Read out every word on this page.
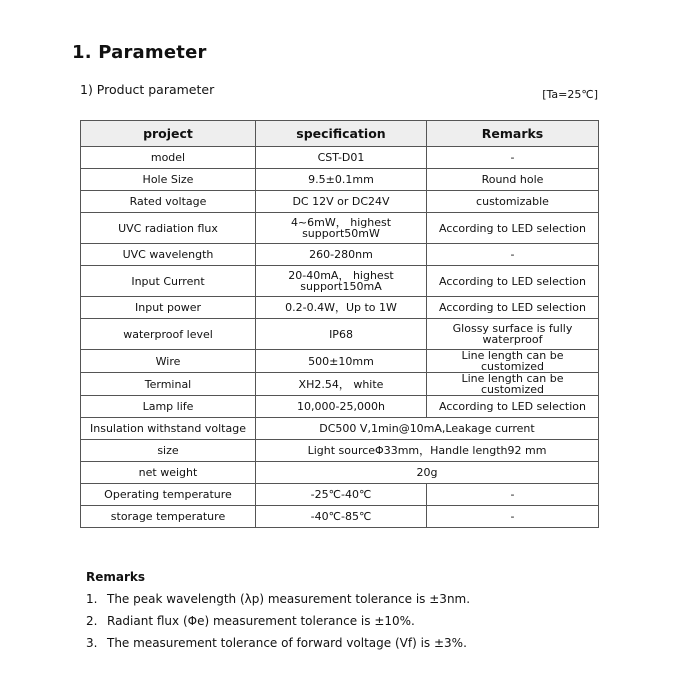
1. Parameter
1) Product parameter	[Ta=25℃]
project	specification	Remarks
model	CST-D01	-
Hole Size	9.5±0.1mm	Round hole
Rated voltage	DC 12V or DC24V	customizable
UVC radiation flux	4~6mW， highest support50mW	According to LED selection
UVC wavelength	260-280nm	-
Input Current	20-40mA， highest support150mA	According to LED selection
Input power	0.2-0.4W，Up to 1W	According to LED selection
waterproof level	IP68	Glossy surface is fully waterproof
Wire	500±10mm	Line length can be customized
Terminal	XH2.54， white	Line length can be customized
Lamp life	10,000-25,000h	According to LED selection
Insulation withstand voltage	DC500 V,1min@10mA,Leakage current	
size	Light sourceΦ33mm，Handle length92 mm	
net weight	20g	
Operating temperature	-25℃-40℃	-
storage temperature	-40℃-85℃	-
Remarks
1. The peak wavelength (λp) measurement tolerance is ±3nm.
2. Radiant flux (Φe) measurement tolerance is ±10%.
3. The measurement tolerance of forward voltage (Vf) is ±3%.
